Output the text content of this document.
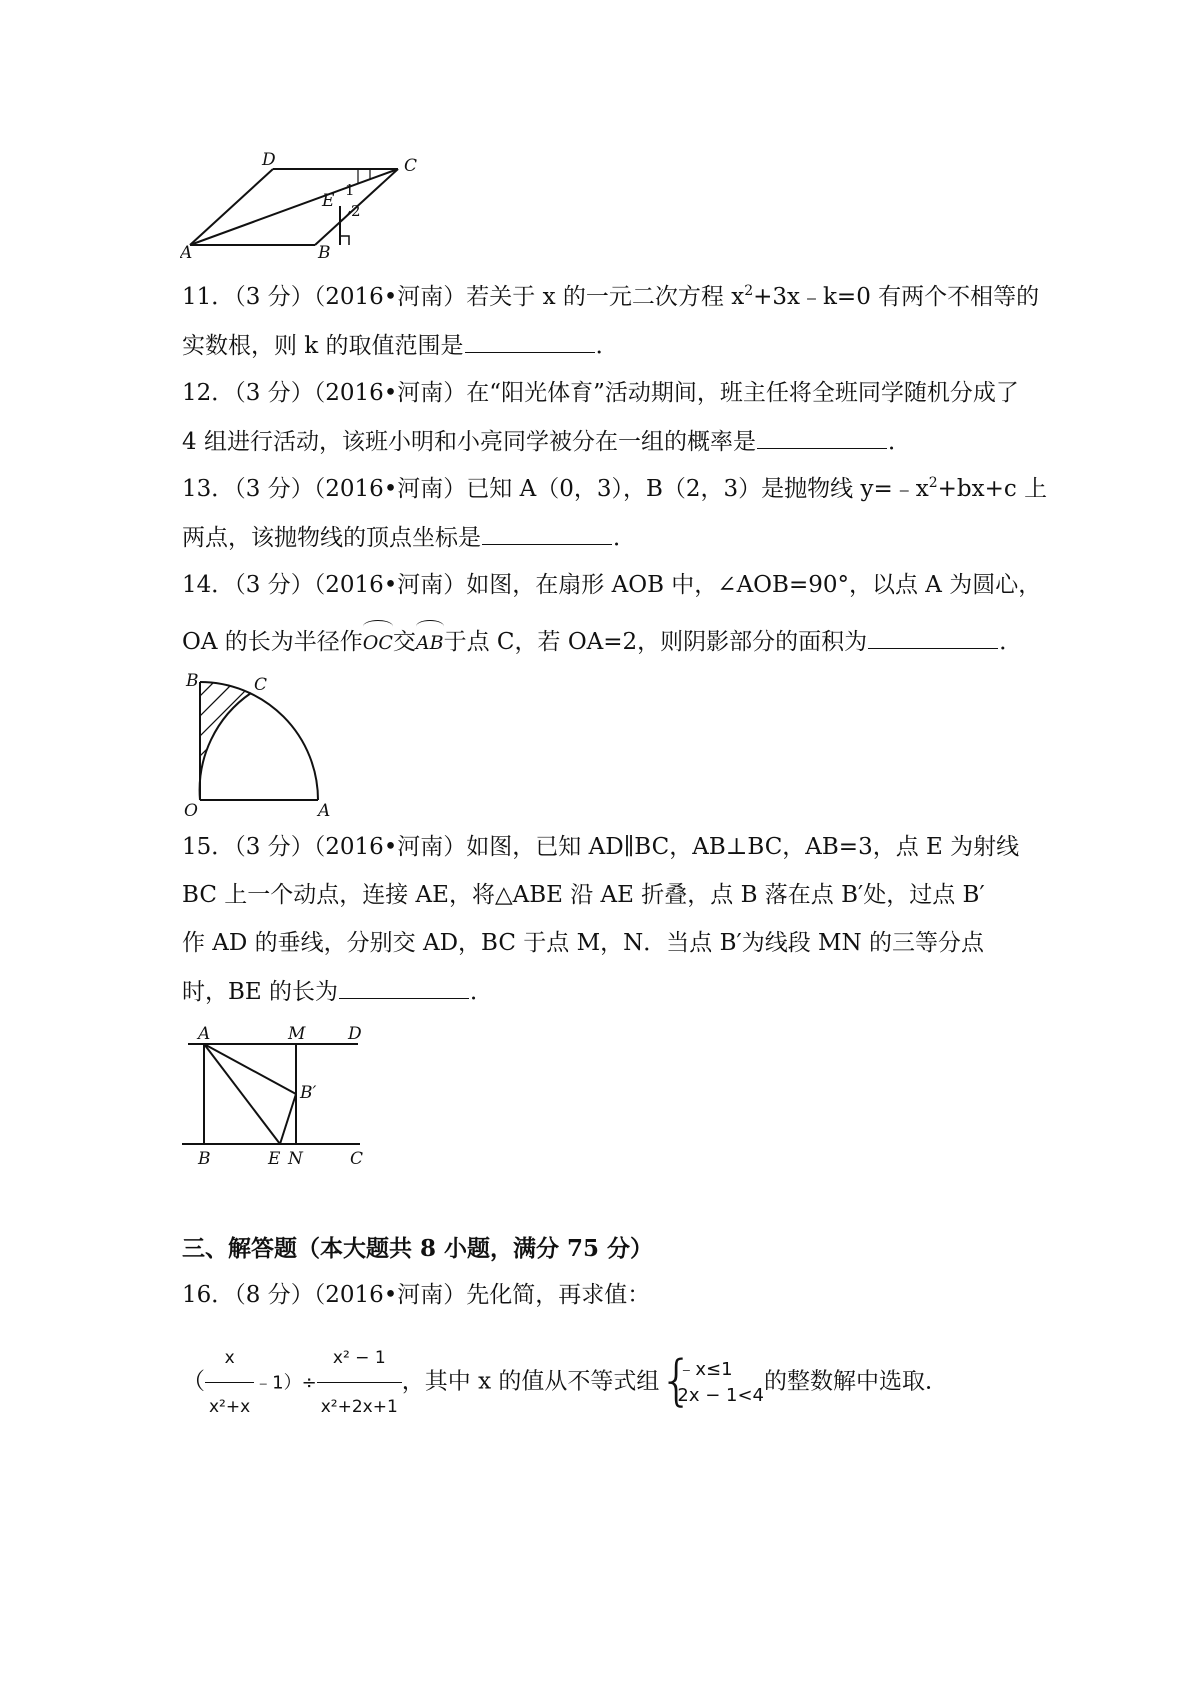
D	C
E
1
2
A	B
11．（3 分）（2016•河南）若关于 x 的一元二次方程 $x^2+3x﹣k=0$ 有两个不相等的
实数根，则 k 的取值范围是	．
12．（3 分）（2016•河南）在“阳光体育”活动期间，班主任将全班同学随机分成了
4 组进行活动，该班小明和小亮同学被分在一组的概率是	．
13．（3 分）（2016•河南）已知 A（0，3），B（2，3）是抛物线 $y=﹣x^2+bx+c$ 上
两点，该抛物线的顶点坐标是	．
14．（3 分）（2016•河南）如图，在扇形 AOB 中，∠AOB=90°，以点 A 为圆心，
OA 的长为半径作OC交AB于点 C，若 OA=2，则阴影部分的面积为	．
B	C
O	A
15．（3 分）（2016•河南）如图，已知 AD∥BC，AB⊥BC，AB=3，点 E 为射线
BC 上一个动点，连接 AE，将△ABE 沿 AE 折叠，点 B 落在点 B′处，过点 B′
作 AD 的垂线，分别交 AD，BC 于点 M，N．当点 B′为线段 MN 的三等分点
时，BE 的长为	．
A	M	D
B′
B	E N	C
三、解答题（本大题共 8 小题，满分 75 分）
16．（8 分）（2016•河南）先化简，再求值：
（ $\frac{x}{\text{x²+x}}$ ﹣1）÷ $\frac{\text{x² − 1}}{\text{x²+2x+1}}$ ，其中 x 的值从不等式组 {
﹣x≤1
2x − 1<4
的整数解中选取．
